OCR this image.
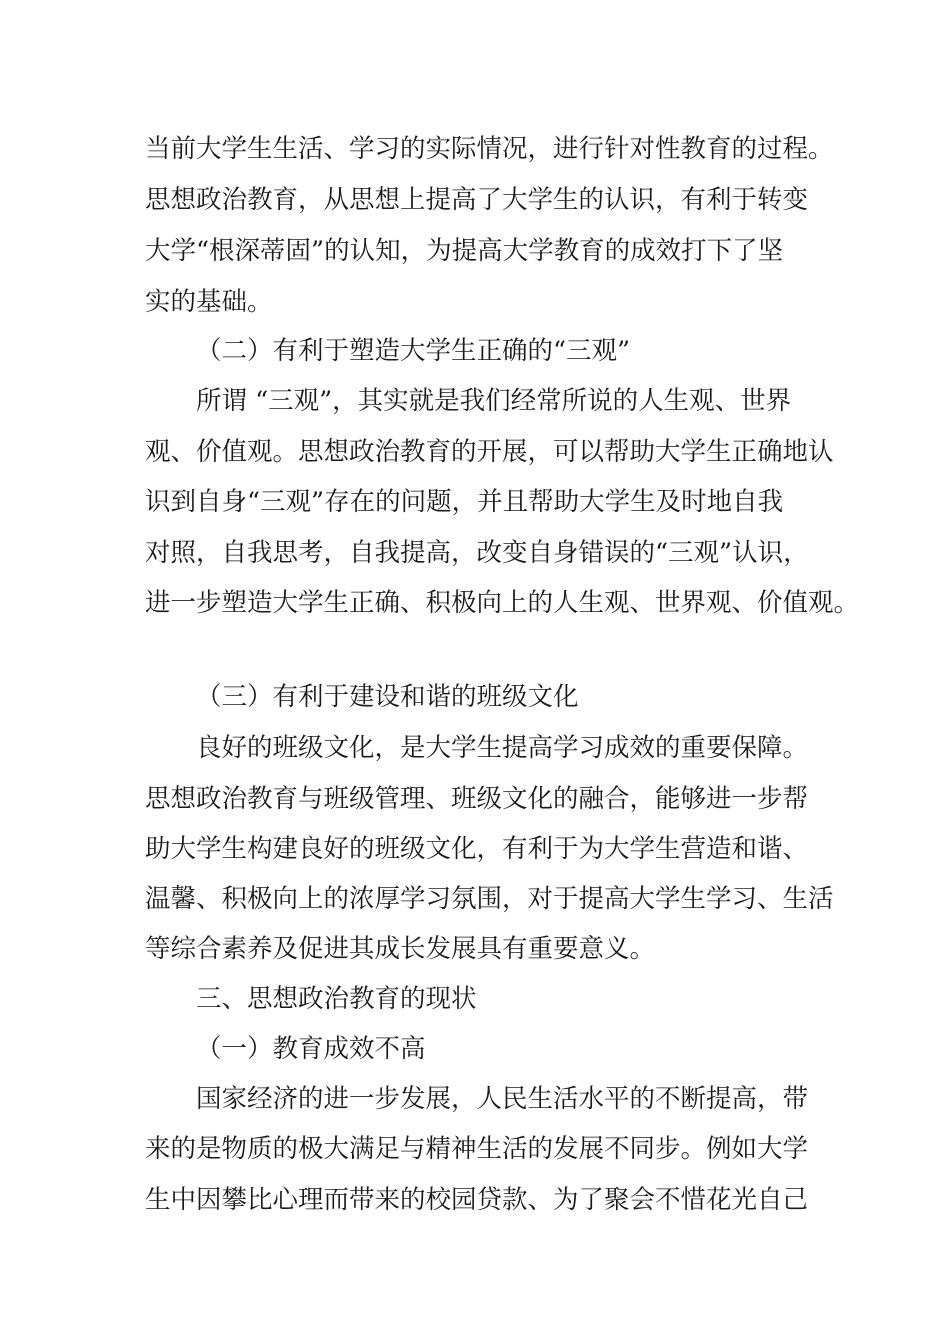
当前大学生生活、学习的实际情况，进行针对性教育的过程。
思想政治教育，从思想上提高了大学生的认识，有利于转变
大学“根深蒂固”的认知，为提高大学教育的成效打下了坚
实的基础。
（二）有利于塑造大学生正确的“三观”
所谓 “三观”，其实就是我们经常所说的人生观、世界
观、价值观。思想政治教育的开展，可以帮助大学生正确地认
识到自身“三观”存在的问题，并且帮助大学生及时地自我
对照，自我思考，自我提高，改变自身错误的“三观”认识，
进一步塑造大学生正确、积极向上的人生观、世界观、价值观。
（三）有利于建设和谐的班级文化
良好的班级文化，是大学生提高学习成效的重要保障。
思想政治教育与班级管理、班级文化的融合，能够进一步帮
助大学生构建良好的班级文化，有利于为大学生营造和谐、
温馨、积极向上的浓厚学习氛围，对于提高大学生学习、生活
等综合素养及促进其成长发展具有重要意义。
三、思想政治教育的现状
（一）教育成效不高
国家经济的进一步发展，人民生活水平的不断提高，带
来的是物质的极大满足与精神生活的发展不同步。例如大学
生中因攀比心理而带来的校园贷款、为了聚会不惜花光自己
